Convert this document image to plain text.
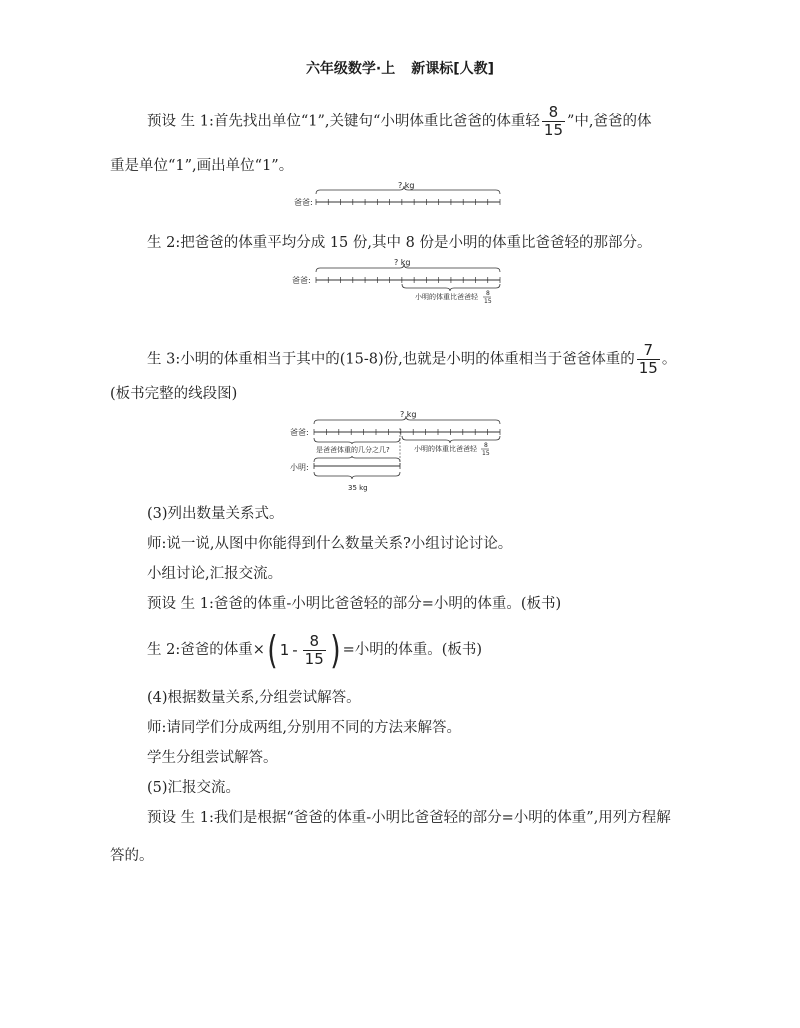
六年级数学·上 新课标[人教]
预设 生 1:首先找出单位“1”,关键句“小明体重比爸爸的体重轻 $\frac{8}{15}$ ”中,爸爸的体
重是单位“1”,画出单位“1”。
? kg
爸爸:
生 2:把爸爸的体重平均分成 15 份,其中 8 份是小明的体重比爸爸轻的那部分。
? kg
爸爸:
小明的体重比爸爸轻 8
15
生 3:小明的体重相当于其中的(15-8)份,也就是小明的体重相当于爸爸体重的 $\frac{7}{15}$ 。
(板书完整的线段图)
? kg
爸爸:
是爸爸体重的几分之几?	小明的体重比爸爸轻 8
15
小明:
35 kg
(3)列出数量关系式。
师:说一说,从图中你能得到什么数量关系?小组讨论讨论。
小组讨论,汇报交流。
预设 生 1:爸爸的体重-小明比爸爸轻的部分=小明的体重。(板书)
生 2:爸爸的体重×( 1
  -
  $\frac{8}{15}$ ) =小明的体重。(板书)
(4)根据数量关系,分组尝试解答。
师:请同学们分成两组,分别用不同的方法来解答。
学生分组尝试解答。
(5)汇报交流。
预设 生 1:我们是根据“爸爸的体重-小明比爸爸轻的部分=小明的体重”,用列方程解
答的。
